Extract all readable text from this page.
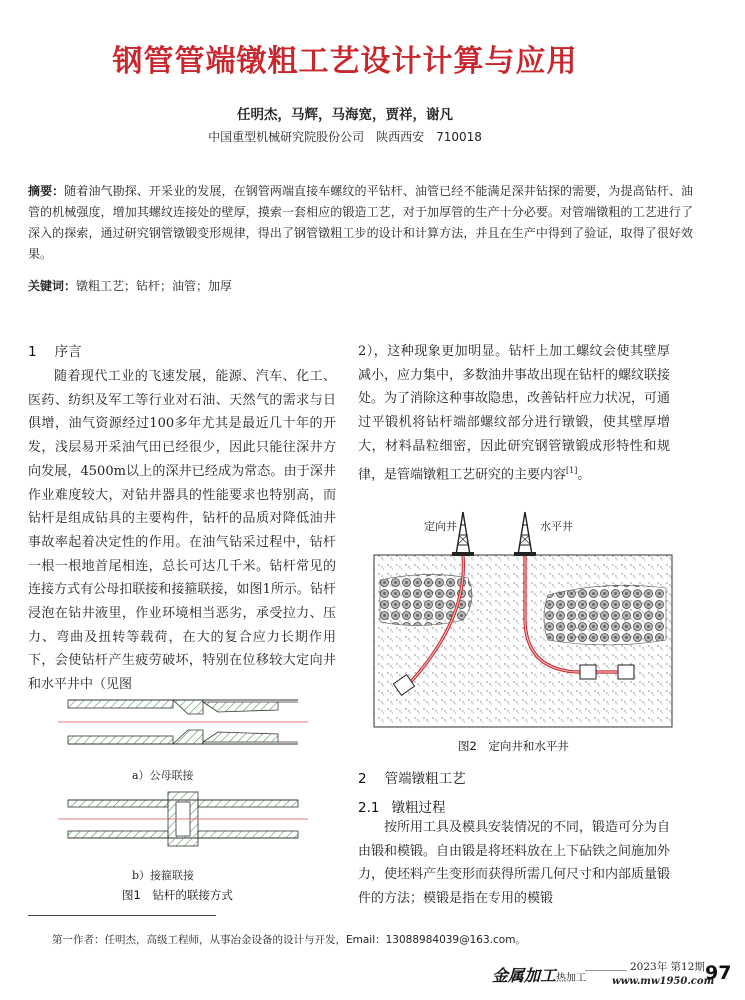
钢管管端镦粗工艺设计计算与应用
任明杰，马辉，马海宽，贾祥，谢凡
中国重型机械研究院股份公司　陕西西安　710018
摘要：随着油气勘探、开采业的发展，在钢管两端直接车螺纹的平钻杆、油管已经不能满足深井钻探的需要，为提高钻杆、油管的机械强度，增加其螺纹连接处的壁厚，摸索一套相应的锻造工艺，对于加厚管的生产十分必要。对管端镦粗的工艺进行了深入的探索，通过研究钢管镦锻变形规律，得出了钢管镦粗工步的设计和计算方法，并且在生产中得到了验证，取得了很好效果。
关键词：镦粗工艺；钻杆；油管；加厚
1 序言

随着现代工业的飞速发展，能源、汽车、化工、医药、纺织及军工等行业对石油、天然气的需求与日俱增，油气资源经过100多年尤其是最近几十年的开发，浅层易开采油气田已经很少，因此只能往深井方向发展，4500m以上的深井已经成为常态。由于深井作业难度较大，对钻井器具的性能要求也特别高，而钻杆是组成钻具的主要构件，钻杆的品质对降低油井事故率起着决定性的作用。在油气钻采过程中，钻杆一根一根地首尾相连，总长可达几千米。钻杆常见的连接方式有公母扣联接和接箍联接，如图1所示。钻杆浸泡在钻井液里，作业环境相当恶劣，承受拉力、压力、弯曲及扭转等载荷，在大的复合应力长期作用下，会使钻杆产生疲劳破坏，特别在位移较大定向井和水平井中（见图

a）公母联接
b）接箍联接
图1　钻杆的联接方式

2），这种现象更加明显。钻杆上加工螺纹会使其壁厚减小，应力集中，多数油井事故出现在钻杆的螺纹联接处。为了消除这种事故隐患，改善钻杆应力状况，可通过平锻机将钻杆端部螺纹部分进行镦锻，使其壁厚增大，材料晶粒细密，因此研究钢管镦锻成形特性和规律，是管端镦粗工艺研究的主要内容[1]。

定向井	水平井
图2　定向井和水平井
2 管端镦粗工艺
2.1 镦粗过程

按所用工具及模具安装情况的不同，锻造可分为自由锻和模锻。自由锻是将坯料放在上下砧铁之间施加外力，使坯料产生变形而获得所需几何尺寸和内部质量锻件的方法；模锻是指在专用的模锻

第一作者：任明杰，高级工程师，从事冶金设备的设计与开发，Email：13088984039@163.com。
金属加工热加工
2023年 第12期
www.mw1950.com
97
